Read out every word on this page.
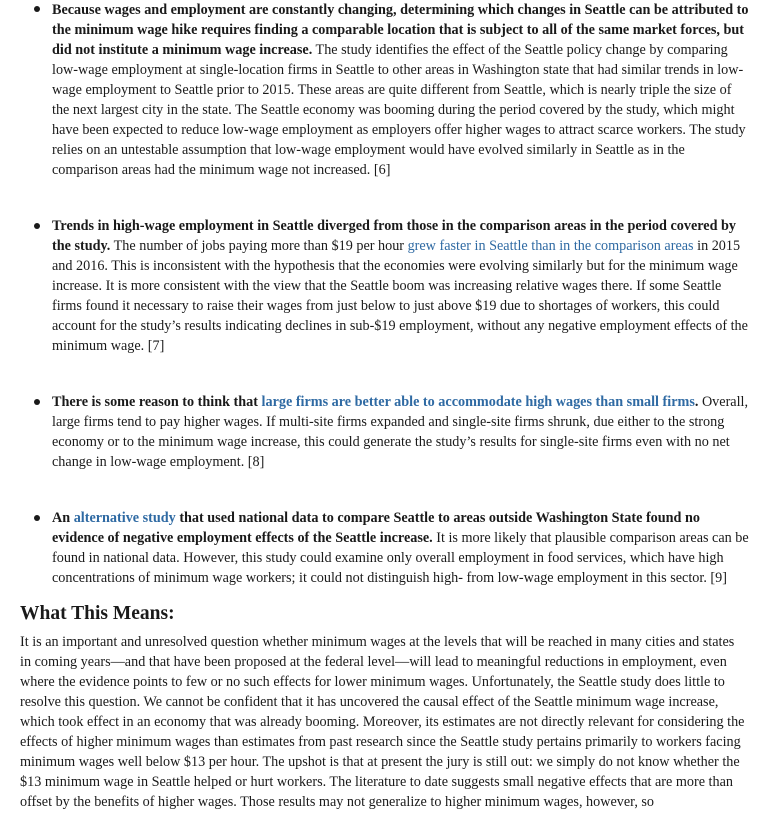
Because wages and employment are constantly changing, determining which changes in Seattle can be attributed to the minimum wage hike requires finding a comparable location that is subject to all of the same market forces, but did not institute a minimum wage increase. The study identifies the effect of the Seattle policy change by comparing low-wage employment at single-location firms in Seattle to other areas in Washington state that had similar trends in low-wage employment to Seattle prior to 2015. These areas are quite different from Seattle, which is nearly triple the size of the next largest city in the state. The Seattle economy was booming during the period covered by the study, which might have been expected to reduce low-wage employment as employers offer higher wages to attract scarce workers. The study relies on an untestable assumption that low-wage employment would have evolved similarly in Seattle as in the comparison areas had the minimum wage not increased. [6]
Trends in high-wage employment in Seattle diverged from those in the comparison areas in the period covered by the study. The number of jobs paying more than $19 per hour grew faster in Seattle than in the comparison areas in 2015 and 2016. This is inconsistent with the hypothesis that the economies were evolving similarly but for the minimum wage increase. It is more consistent with the view that the Seattle boom was increasing relative wages there. If some Seattle firms found it necessary to raise their wages from just below to just above $19 due to shortages of workers, this could account for the study’s results indicating declines in sub-$19 employment, without any negative employment effects of the minimum wage. [7]
There is some reason to think that large firms are better able to accommodate high wages than small firms. Overall, large firms tend to pay higher wages. If multi-site firms expanded and single-site firms shrunk, due either to the strong economy or to the minimum wage increase, this could generate the study’s results for single-site firms even with no net change in low-wage employment. [8]
An alternative study that used national data to compare Seattle to areas outside Washington State found no evidence of negative employment effects of the Seattle increase. It is more likely that plausible comparison areas can be found in national data. However, this study could examine only overall employment in food services, which have high concentrations of minimum wage workers; it could not distinguish high- from low-wage employment in this sector. [9]
What This Means:

It is an important and unresolved question whether minimum wages at the levels that will be reached in many cities and states in coming years—and that have been proposed at the federal level—will lead to meaningful reductions in employment, even where the evidence points to few or no such effects for lower minimum wages. Unfortunately, the Seattle study does little to resolve this question. We cannot be confident that it has uncovered the causal effect of the Seattle minimum wage increase, which took effect in an economy that was already booming. Moreover, its estimates are not directly relevant for considering the effects of higher minimum wages than estimates from past research since the Seattle study pertains primarily to workers facing minimum wages well below $13 per hour. The upshot is that at present the jury is still out: we simply do not know whether the $13 minimum wage in Seattle helped or hurt workers. The literature to date suggests small negative effects that are more than offset by the benefits of higher wages. Those results may not generalize to higher minimum wages, however, so
